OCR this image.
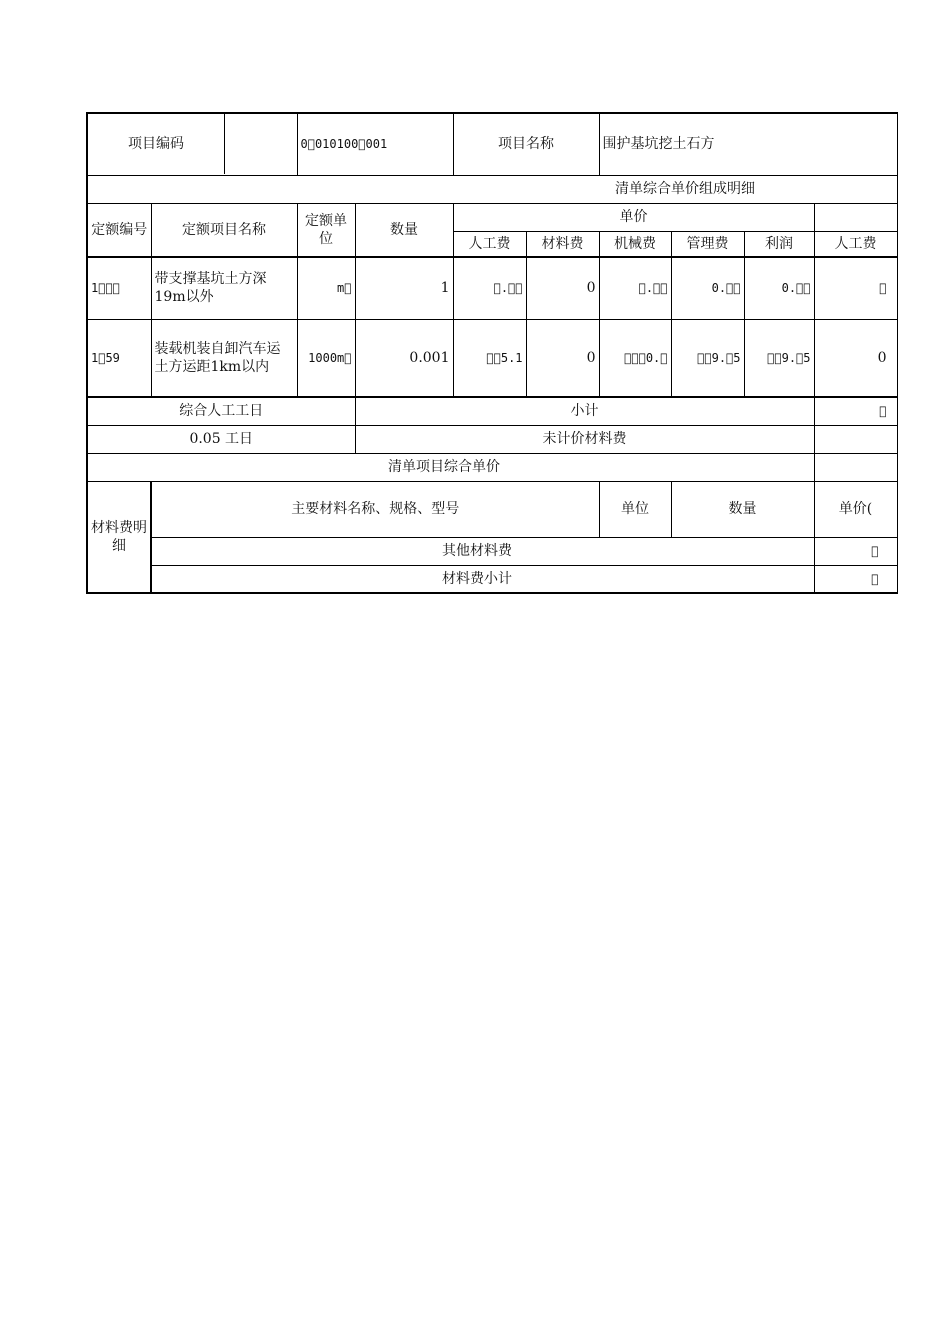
项目编码		0 010100 001		项目名称		围护基坑挖土石方			
清单综合单价组成明细									
定额编号	定额项目名称	定额单位	数量	单价					
				人工费	材料费	机械费	管理费	利润	人工费
1   	带支撑基坑土方深19m以外	m 	1	 .  	0	 .  	0.  	0.  	 
1 59	装载机装自卸汽车运土方运距1km以内	1000m 	0.001	  5.1	0	   0. 	  9. 5	  9. 5	0
综合人工工日			小计						 
0.05 工日			未计价材料费						
清单项目综合单价									
材料费明细	主要材料名称、规格、型号					单位	数量		单价(
	其他材料费								 
	材料费小计								 
